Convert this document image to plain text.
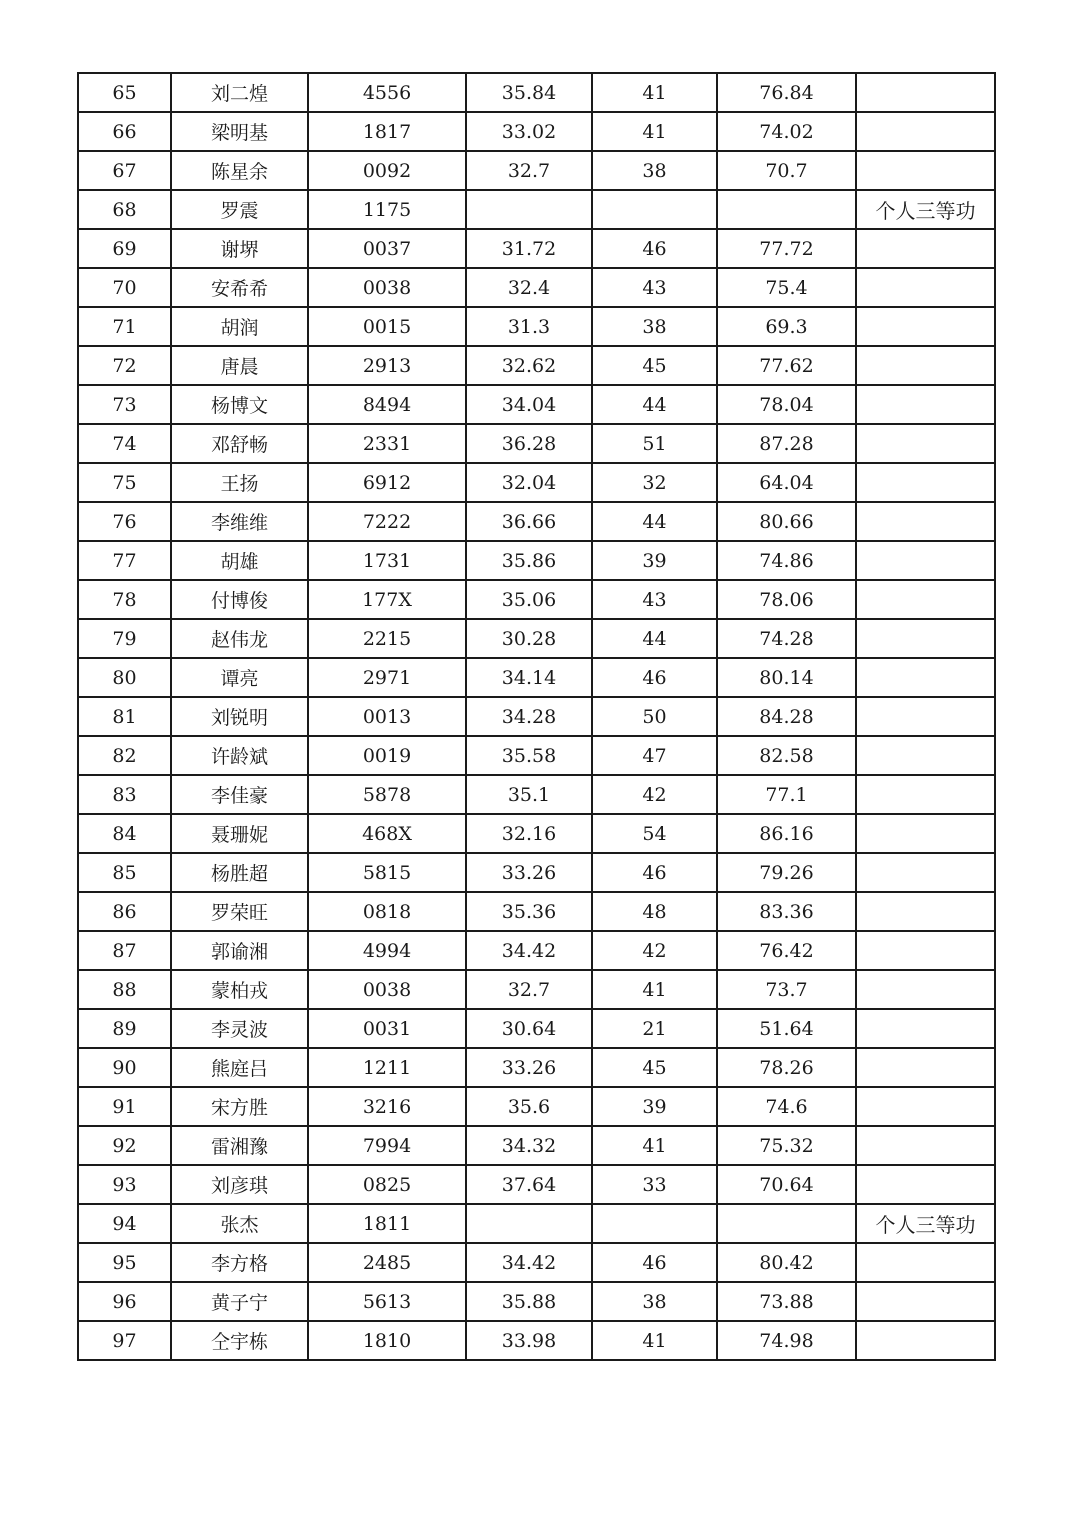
65	刘二煌	4556	35.84	41	76.84	
66	梁明基	1817	33.02	41	74.02	
67	陈星余	0092	32.7	38	70.7	
68	罗震	1175				个人三等功
69	谢堺	0037	31.72	46	77.72	
70	安希希	0038	32.4	43	75.4	
71	胡润	0015	31.3	38	69.3	
72	唐晨	2913	32.62	45	77.62	
73	杨博文	8494	34.04	44	78.04	
74	邓舒畅	2331	36.28	51	87.28	
75	王扬	6912	32.04	32	64.04	
76	李维维	7222	36.66	44	80.66	
77	胡雄	1731	35.86	39	74.86	
78	付博俊	177X	35.06	43	78.06	
79	赵伟龙	2215	30.28	44	74.28	
80	谭亮	2971	34.14	46	80.14	
81	刘锐明	0013	34.28	50	84.28	
82	许龄斌	0019	35.58	47	82.58	
83	李佳豪	5878	35.1	42	77.1	
84	聂珊妮	468X	32.16	54	86.16	
85	杨胜超	5815	33.26	46	79.26	
86	罗荣旺	0818	35.36	48	83.36	
87	郭谕湘	4994	34.42	42	76.42	
88	蒙柏戎	0038	32.7	41	73.7	
89	李灵波	0031	30.64	21	51.64	
90	熊庭吕	1211	33.26	45	78.26	
91	宋方胜	3216	35.6	39	74.6	
92	雷湘豫	7994	34.32	41	75.32	
93	刘彦琪	0825	37.64	33	70.64	
94	张杰	1811				个人三等功
95	李方格	2485	34.42	46	80.42	
96	黄子宁	5613	35.88	38	73.88	
97	仝宇栋	1810	33.98	41	74.98	
